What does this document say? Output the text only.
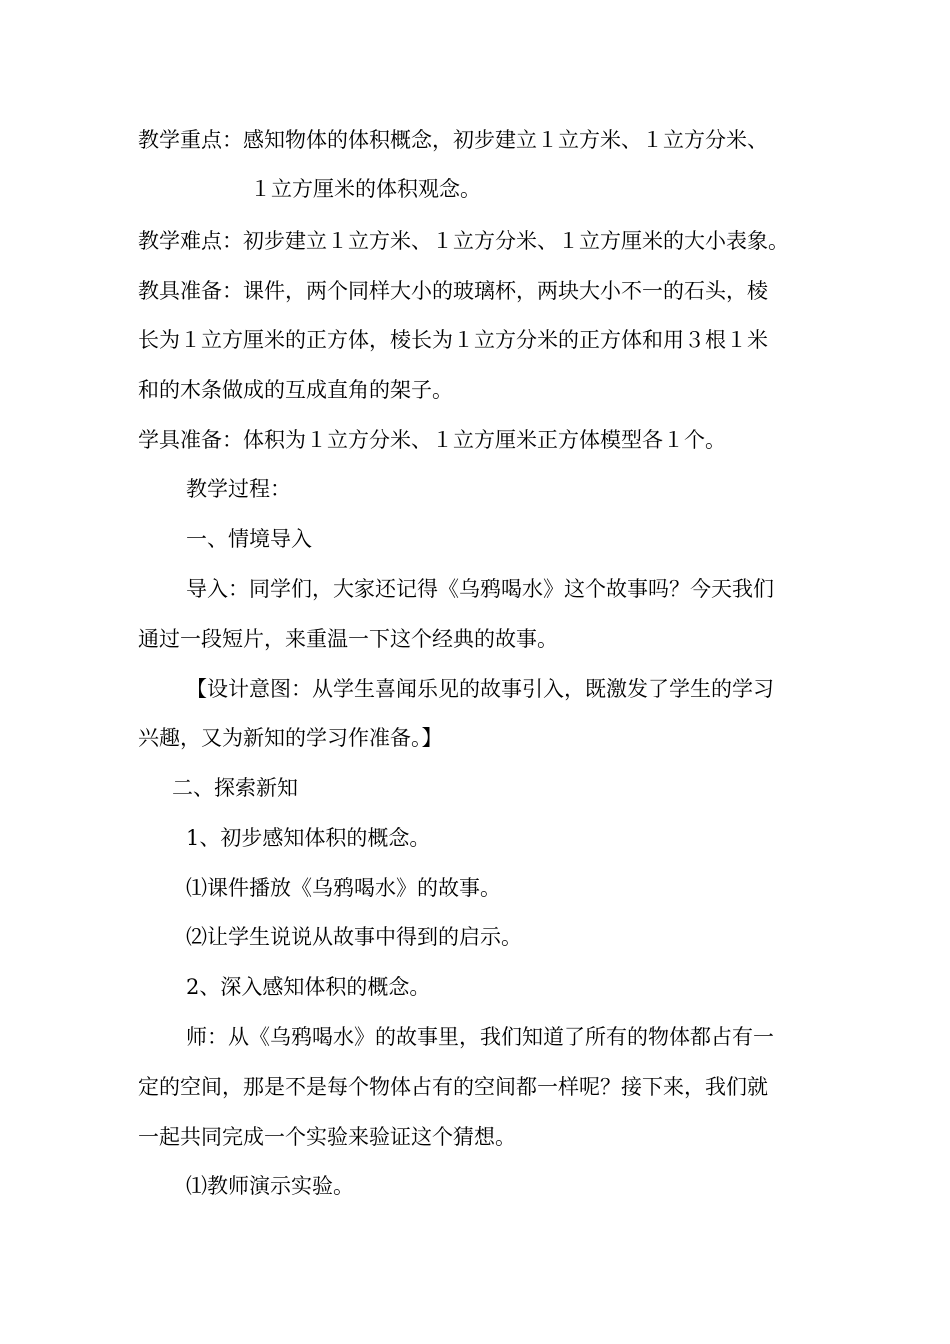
教学重点：感知物体的体积概念，初步建立１立方米、１立方分米、
１立方厘米的体积观念。
教学难点：初步建立１立方米、１立方分米、１立方厘米的大小表象。
教具准备：课件，两个同样大小的玻璃杯，两块大小不一的石头，棱
长为１立方厘米的正方体，棱长为１立方分米的正方体和用３根１米
和的木条做成的互成直角的架子。
学具准备：体积为１立方分米、１立方厘米正方体模型各１个。
教学过程：
一、情境导入
导入：同学们，大家还记得《乌鸦喝水》这个故事吗？今天我们
通过一段短片，来重温一下这个经典的故事。
【设计意图：从学生喜闻乐见的故事引入，既激发了学生的学习
兴趣，又为新知的学习作准备。】
二、探索新知
1、初步感知体积的概念。
⑴课件播放《乌鸦喝水》的故事。
⑵让学生说说从故事中得到的启示。
2、深入感知体积的概念。
师：从《乌鸦喝水》的故事里，我们知道了所有的物体都占有一
定的空间，那是不是每个物体占有的空间都一样呢？接下来，我们就
一起共同完成一个实验来验证这个猜想。
⑴教师演示实验。
